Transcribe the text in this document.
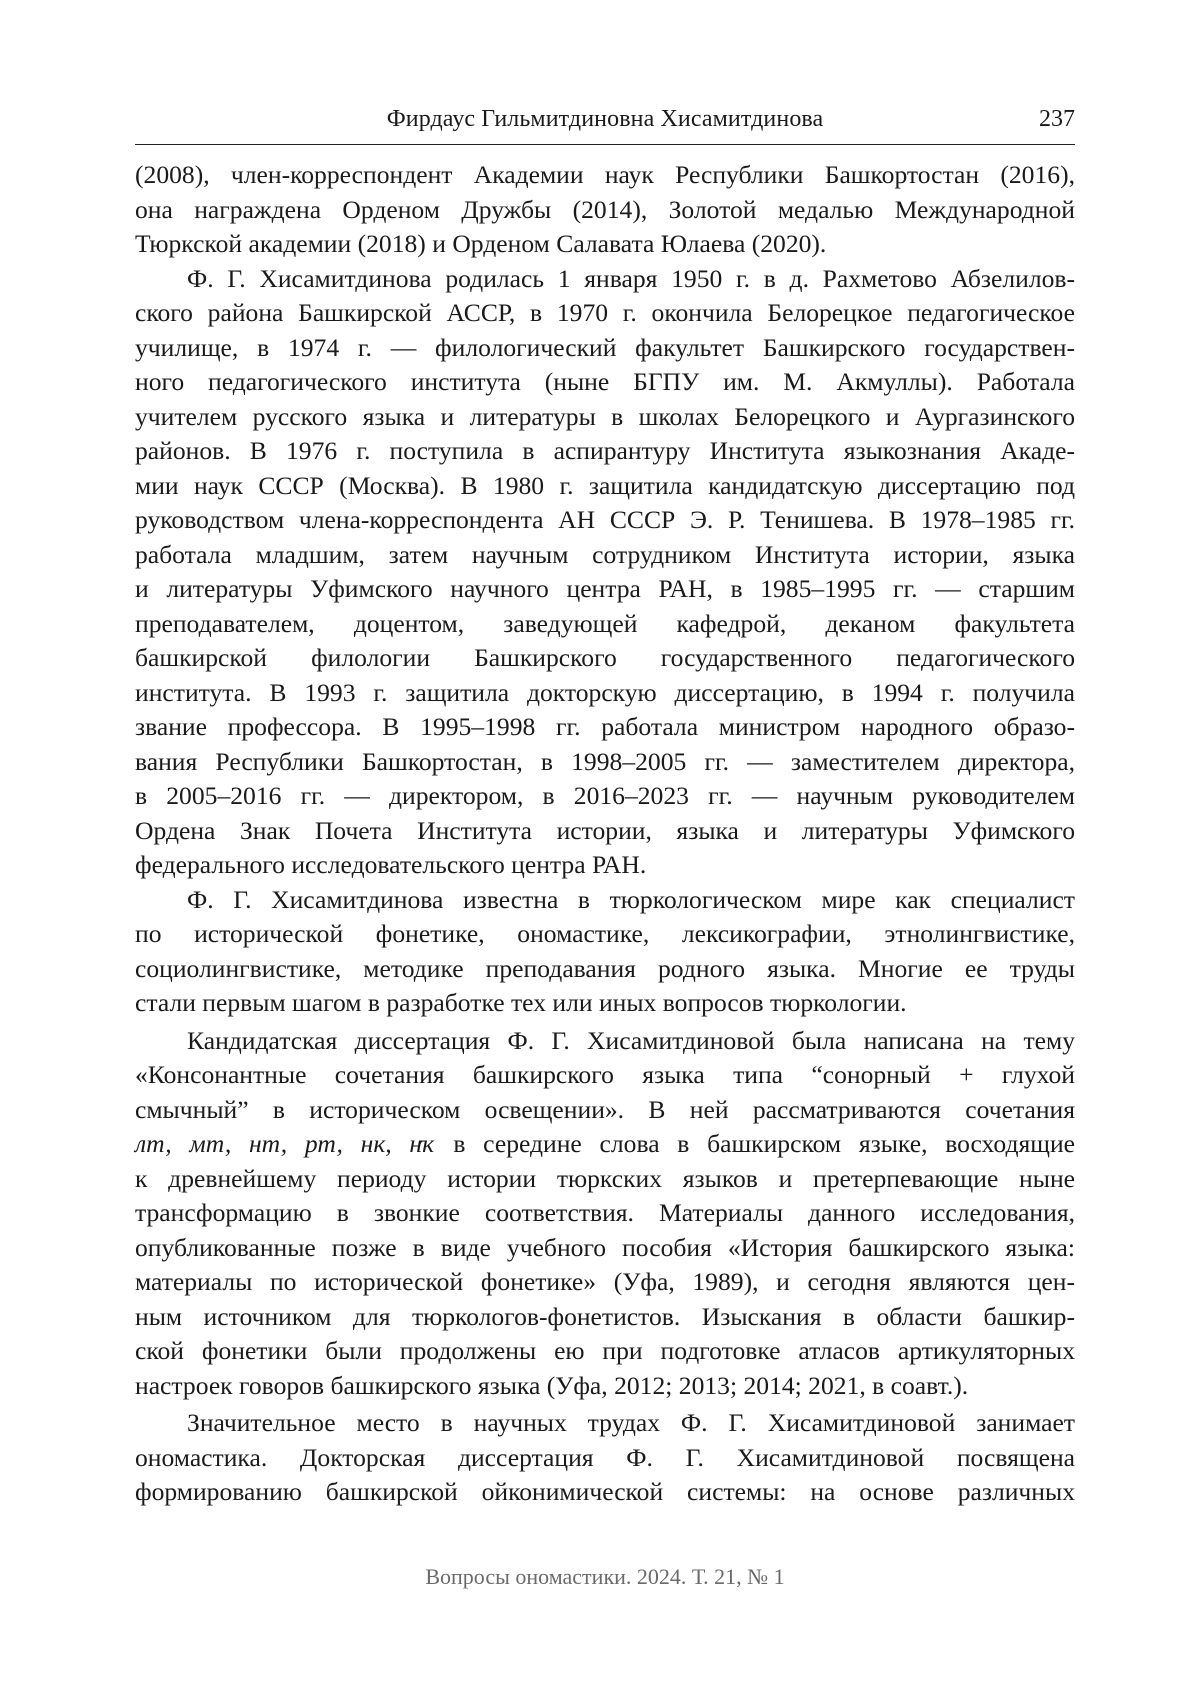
Фирдаус Гильмитдиновна Хисамитдинова	237
(2008), член-корреспондент Академии наук Республики Башкортостан (2016),
она награждена Орденом Дружбы (2014), Золотой медалью Международной
Тюркской академии (2018) и Орденом Салавата Юлаева (2020).
Ф. Г. Хисамитдинова родилась 1 января 1950 г. в д. Рахметово Абзелилов-
ского района Башкирской АССР, в 1970 г. окончила Белорецкое педагогическое
училище, в 1974 г. — филологический факультет Башкирского государствен-
ного педагогического института (ныне БГПУ им. М. Акмуллы). Работала
учителем русского языка и литературы в школах Белорецкого и Аургазинского
районов. В 1976 г. поступила в аспирантуру Института языкознания Акаде-
мии наук СССР (Москва). В 1980 г. защитила кандидатскую диссертацию под
руководством члена-корреспондента АН СССР Э. Р. Тенишева. В 1978–1985 гг.
работала младшим, затем научным сотрудником Института истории, языка
и литературы Уфимского научного центра РАН, в 1985–1995 гг. — старшим
преподавателем, доцентом, заведующей кафедрой, деканом факультета
башкирской филологии Башкирского государственного педагогического
института. В 1993 г. защитила докторскую диссертацию, в 1994 г. получила
звание профессора. В 1995–1998 гг. работала министром народного образо-
вания Республики Башкортостан, в 1998–2005 гг. — заместителем директора,
в 2005–2016 гг. — директором, в 2016–2023 гг. — научным руководителем
Ордена Знак Почета Института истории, языка и литературы Уфимского
федерального исследовательского центра РАН.
Ф. Г. Хисамитдинова известна в тюркологическом мире как специалист
по исторической фонетике, ономастике, лексикографии, этнолингвистике,
социолингвистике, методике преподавания родного языка. Многие ее труды
стали первым шагом в разработке тех или иных вопросов тюркологии.
Кандидатская диссертация Ф. Г. Хисамитдиновой была написана на тему
«Консонантные сочетания башкирского языка типа “сонорный + глухой
смычный” в историческом освещении». В ней рассматриваются сочетания
лт, мт, нт, рт, нк, нҡ в середине слова в башкирском языке, восходящие
к древнейшему периоду истории тюркских языков и претерпевающие ныне
трансформацию в звонкие соответствия. Материалы данного исследования,
опубликованные позже в виде учебного пособия «История башкирского языка:
материалы по исторической фонетике» (Уфа, 1989), и сегодня являются цен-
ным источником для тюркологов-фонетистов. Изыскания в области башкир-
ской фонетики были продолжены ею при подготовке атласов артикуляторных
настроек говоров башкирского языка (Уфа, 2012; 2013; 2014; 2021, в соавт.).
Значительное место в научных трудах Ф. Г. Хисамитдиновой занимает
ономастика. Докторская диссертация Ф. Г. Хисамитдиновой посвящена
формированию башкирской ойконимической системы: на основе различных
Вопросы ономастики. 2024. Т. 21, № 1
